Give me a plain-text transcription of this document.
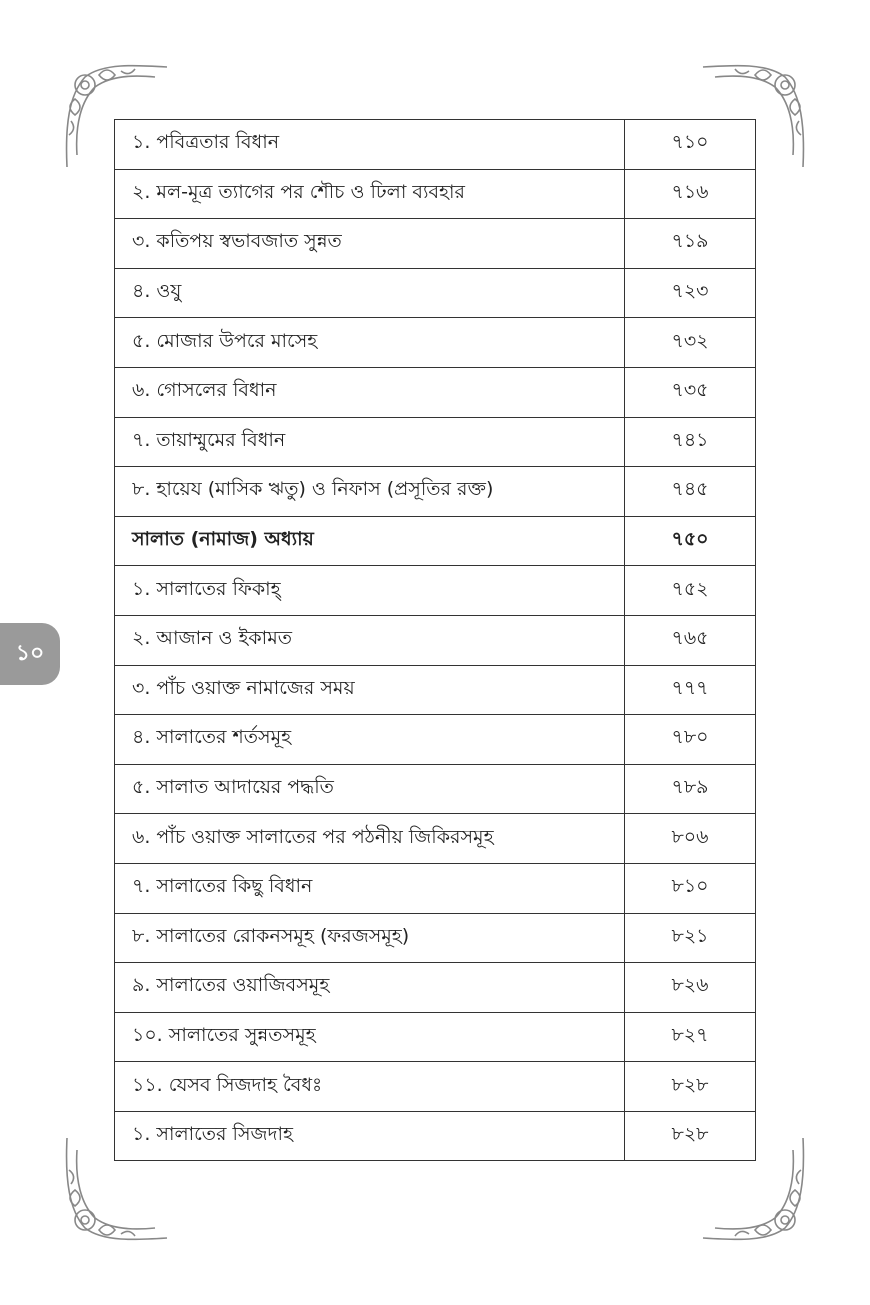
১০
১. পবিত্রতার বিধান	৭১০
২. মল-মূত্র ত্যাগের পর শৌচ ও ঢিলা ব্যবহার	৭১৬
৩. কতিপয় স্বভাবজাত সুন্নত	৭১৯
৪. ওযু	৭২৩
৫. মোজার উপরে মাসেহ	৭৩২
৬. গোসলের বিধান	৭৩৫
৭. তায়াম্মুমের বিধান	৭৪১
৮. হায়েয (মাসিক ঋতু) ও নিফাস (প্রসূতির রক্ত)	৭৪৫
সালাত (নামাজ) অধ্যায়	৭৫০
১. সালাতের ফিকাহ্	৭৫২
২. আজান ও ইকামত	৭৬৫
৩. পাঁচ ওয়াক্ত নামাজের সময়	৭৭৭
৪. সালাতের শর্তসমূহ	৭৮০
৫. সালাত আদায়ের পদ্ধতি	৭৮৯
৬. পাঁচ ওয়াক্ত সালাতের পর পঠনীয় জিকিরসমূহ	৮০৬
৭. সালাতের কিছু বিধান	৮১০
৮. সালাতের রোকনসমূহ (ফরজসমূহ)	৮২১
৯. সালাতের ওয়াজিবসমূহ	৮২৬
১০. সালাতের সুন্নতসমূহ	৮২৭
১১. যেসব সিজদাহ বৈধঃ	৮২৮
১. সালাতের সিজদাহ	৮২৮
